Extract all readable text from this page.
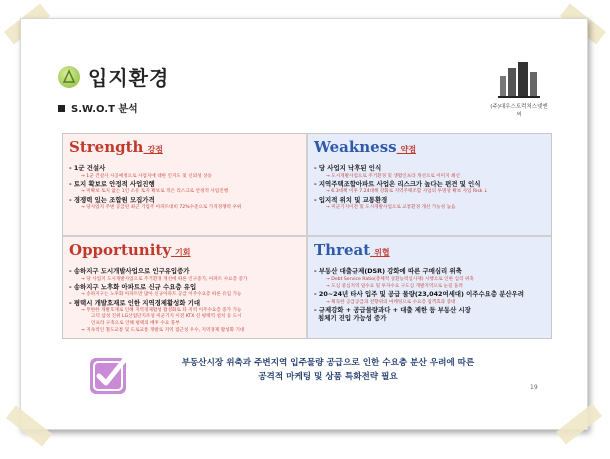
입지환경
(주)대우스트럭처스넷엔씨
S.W.O.T 분석
Strength_강점
- 1군 건설사
→ 1군 건설사 시공예정으로 사업지에 대한 인지도 및 신뢰성 상승
- 토지 확보로 안정적 사업진행
→ 미확보 토지 없는 1인 소유 토지 확보로 적은 리스크로 안정적 사업진행
- 경쟁력 있는 조합원 모집가격
→ 당사업지 주변 공급된 최근 기업주 아파트대비 72%수준으로 가격경쟁력 우위
Weakness_약점
- 당 사업지 낙후된 인식
→ 도시개발사업으로 주거환경 및 생활인프라 개선으로 이미지 쇄신
- 지역주택조합아파트 사업은 리스크가 높다는 편견 및 인식
→ 6.3대책 이후 7.24대책 강화로 지역주택조합 사업의 투명성 확보 사업 Risk ↓
- 입지적 위치 및 교통환경
→ 미군기지이전 및 도시개발사업으로 교통환경 개선 가능성 높음
Opportunity_기회
- 송하지구 도시개발사업으로 인구유입증가
→ 당 사업지 도시개발사업으로 주거환경 개선에 따른 인구증가, 아파트 수요층 증가
- 송하지구 노후화 아파트로 신규 수요층 유입
→ 송하지구는 노후화 아파트만 많아 신규아파트 공급 이주수요층 따른 유입 가능
- 평택시 개발호재로 인한 지역경제활성화 기대
→ 무한한 개발호재로 인해 지역경제활성 활성화로 타 지역 이주수요층 증가 가능
고덕 삼성 진위 LG산업단지조성 미군기지 이전 KTX 신 평택역 설치 등 도시
인프라 구축으로 인해 평택의 배후 수요 풍부
→ 지속적인 철도교통 및 도로교통 개발로 지역 접근성 우수, 지역경제 활성화 기대
Threat_위협
- 부동산 대출규제(DSR) 강화에 따른 구매심리 위축
→ Debt Service Ratio(총체적 상환능력심사제) 시행으로 인한 심리 위축
→ 도심 중심지역 일수요 및 투자수요 구도심 개발지역으로 눈길 돌려
- 20~24년 타사 입주 및 공급 물량(23,042여세대) 이주수요층 분산우려
→ 획득한 공급공급과 전향위의 마케팅으로 수요층 집객효과 증대
- 규제강화 + 공급물량과다 + 대출 제한 등 부동산 시장
침체기 진입 가능성 증가
부동산시장 위축과 주변지역 입주물량 공급으로 인한 수요층 분산 우려에 따른
공격적 마케팅 및 상품 특화전략 필요
19
